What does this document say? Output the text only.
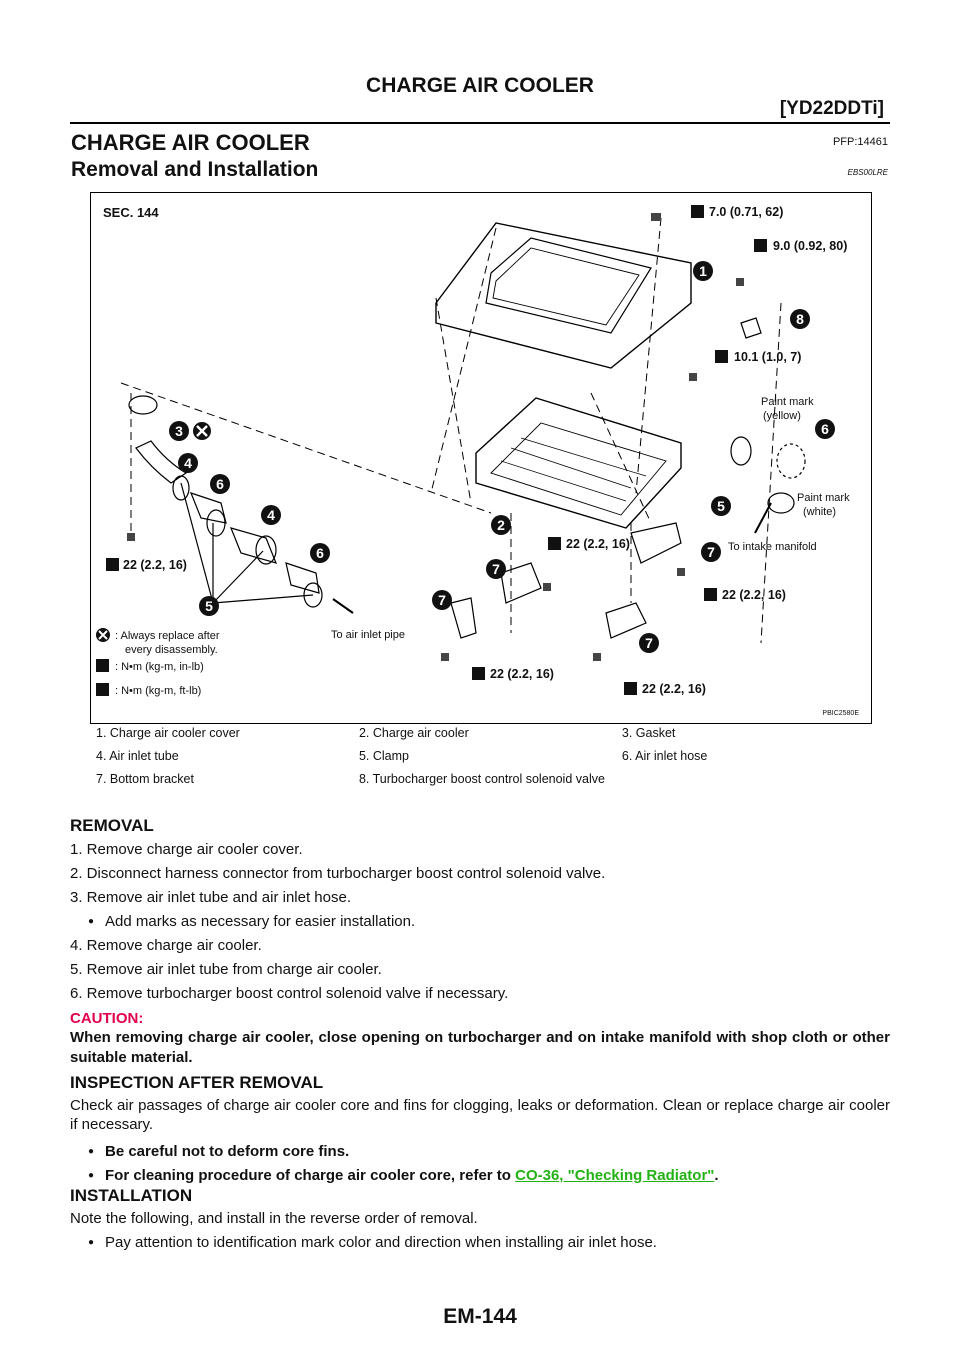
CHARGE AIR COOLER
[YD22DDTi]
CHARGE AIR COOLER	PFP:14461
Removal and Installation	EBS00LRE
1
2
3
4
4
5
5
6
6
6
7
7
7
7
8
SEC. 144	7.0 (0.71, 62)
9.0 (0.92, 80)
10.1 (1.0, 7)
22 (2.2, 16)
22 (2.2, 16)
22 (2.2, 16)
22 (2.2, 16)
22 (2.2, 16)
Paint mark
(yellow)
Paint mark
(white)
To intake manifold
To air inlet pipe
: Always replace after
every disassembly.
: N•m (kg-m, in-lb)
: N•m (kg-m, ft-lb)
PBIC2580E
1. Charge air cooler cover	2. Charge air cooler	3. Gasket
4. Air inlet tube	5. Clamp	6. Air inlet hose
7. Bottom bracket	8. Turbocharger boost control solenoid valve
REMOVAL
1. Remove charge air cooler cover.
2. Disconnect harness connector from turbocharger boost control solenoid valve.
3. Remove air inlet tube and air inlet hose.
● Add marks as necessary for easier installation.
4. Remove charge air cooler.
5. Remove air inlet tube from charge air cooler.
6. Remove turbocharger boost control solenoid valve if necessary.
CAUTION:
When removing charge air cooler, close opening on turbocharger and on intake manifold with shop cloth or other suitable material.
INSPECTION AFTER REMOVAL
Check air passages of charge air cooler core and fins for clogging, leaks or deformation. Clean or replace charge air cooler if necessary.
● Be careful not to deform core fins.
● For cleaning procedure of charge air cooler core, refer to CO-36, "Checking Radiator".
INSTALLATION
Note the following, and install in the reverse order of removal.
● Pay attention to identification mark color and direction when installing air inlet hose.
EM-144
